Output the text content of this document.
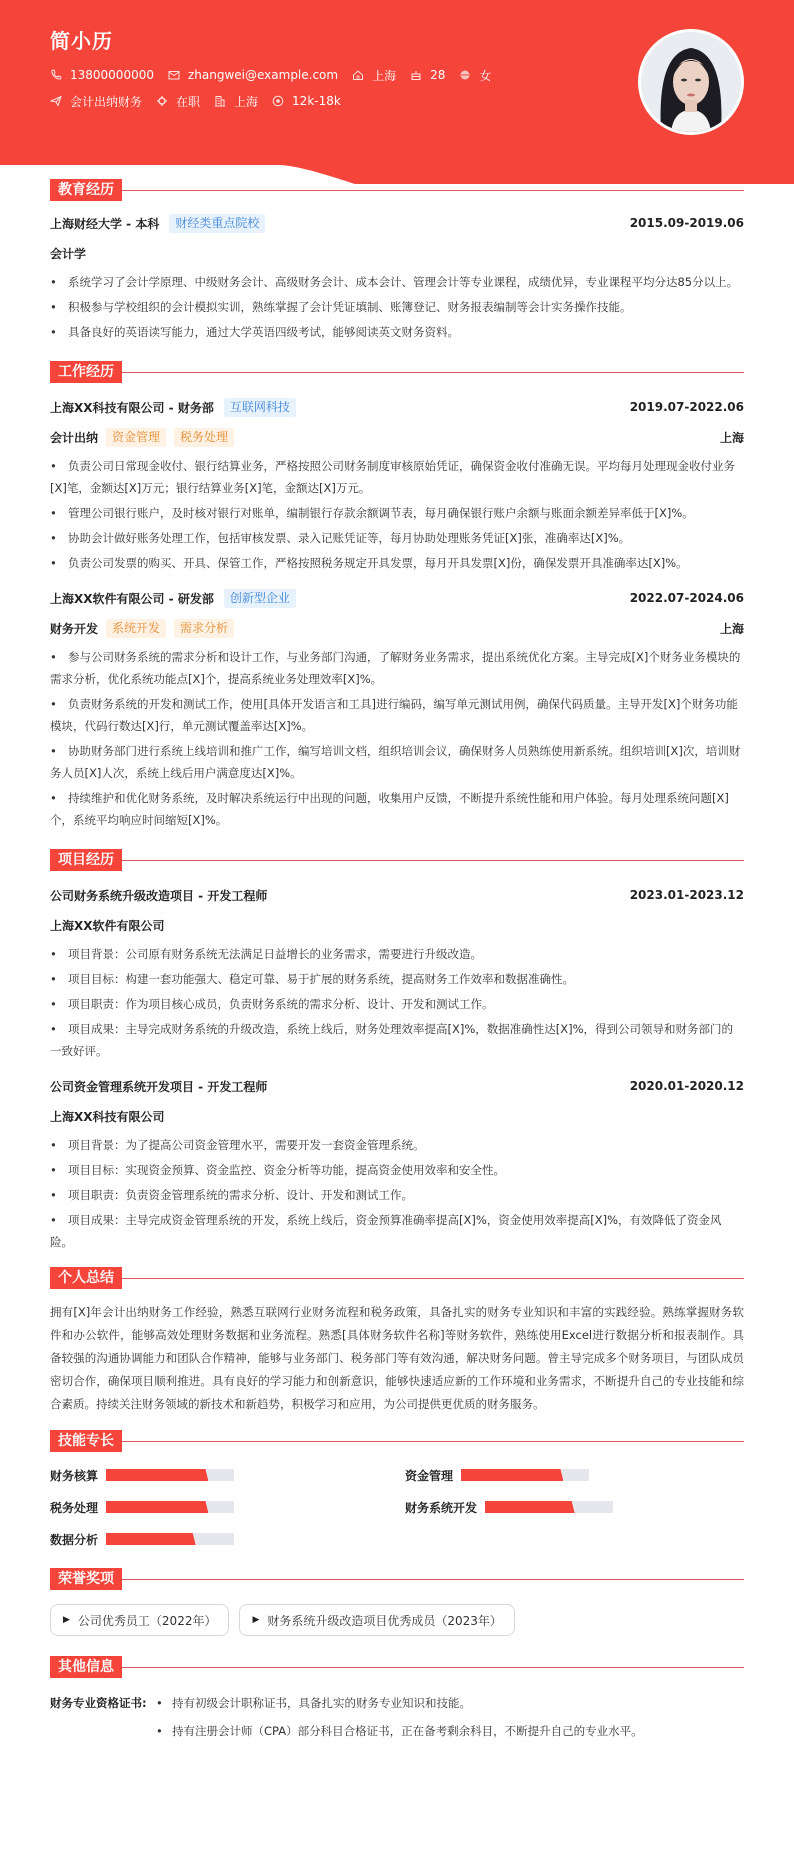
简小历
13800000000	zhangwei@example.com	上海	28	女
会计出纳财务	在职	上海	12k-18k
教育经历
上海财经大学 - 本科	财经类重点院校	2015.09-2019.06
会计学
• 系统学习了会计学原理、中级财务会计、高级财务会计、成本会计、管理会计等专业课程，成绩优异，专业课程平均分达85分以上。
• 积极参与学校组织的会计模拟实训，熟练掌握了会计凭证填制、账簿登记、财务报表编制等会计实务操作技能。
• 具备良好的英语读写能力，通过大学英语四级考试，能够阅读英文财务资料。
工作经历
上海XX科技有限公司 - 财务部	互联网科技	2019.07-2022.06
会计出纳	资金管理	税务处理	上海
• 负责公司日常现金收付、银行结算业务，严格按照公司财务制度审核原始凭证，确保资金收付准确无误。平均每月处理现金收付业务[X]笔，金额达[X]万元；银行结算业务[X]笔，金额达[X]万元。
• 管理公司银行账户，及时核对银行对账单，编制银行存款余额调节表，每月确保银行账户余额与账面余额差异率低于[X]%。
• 协助会计做好账务处理工作，包括审核发票、录入记账凭证等，每月协助处理账务凭证[X]张，准确率达[X]%。
• 负责公司发票的购买、开具、保管工作，严格按照税务规定开具发票，每月开具发票[X]份，确保发票开具准确率达[X]%。
上海XX软件有限公司 - 研发部	创新型企业	2022.07-2024.06
财务开发	系统开发	需求分析	上海
• 参与公司财务系统的需求分析和设计工作，与业务部门沟通，了解财务业务需求，提出系统优化方案。主导完成[X]个财务业务模块的需求分析，优化系统功能点[X]个，提高系统业务处理效率[X]%。
• 负责财务系统的开发和测试工作，使用[具体开发语言和工具]进行编码，编写单元测试用例，确保代码质量。主导开发[X]个财务功能模块，代码行数达[X]行，单元测试覆盖率达[X]%。
• 协助财务部门进行系统上线培训和推广工作，编写培训文档，组织培训会议，确保财务人员熟练使用新系统。组织培训[X]次，培训财务人员[X]人次，系统上线后用户满意度达[X]%。
• 持续维护和优化财务系统，及时解决系统运行中出现的问题，收集用户反馈，不断提升系统性能和用户体验。每月处理系统问题[X]个，系统平均响应时间缩短[X]%。
项目经历
公司财务系统升级改造项目 - 开发工程师	2023.01-2023.12
上海XX软件有限公司
• 项目背景：公司原有财务系统无法满足日益增长的业务需求，需要进行升级改造。
• 项目目标：构建一套功能强大、稳定可靠、易于扩展的财务系统，提高财务工作效率和数据准确性。
• 项目职责：作为项目核心成员，负责财务系统的需求分析、设计、开发和测试工作。
• 项目成果：主导完成财务系统的升级改造，系统上线后，财务处理效率提高[X]%，数据准确性达[X]%，得到公司领导和财务部门的一致好评。
公司资金管理系统开发项目 - 开发工程师	2020.01-2020.12
上海XX科技有限公司
• 项目背景：为了提高公司资金管理水平，需要开发一套资金管理系统。
• 项目目标：实现资金预算、资金监控、资金分析等功能，提高资金使用效率和安全性。
• 项目职责：负责资金管理系统的需求分析、设计、开发和测试工作。
• 项目成果：主导完成资金管理系统的开发，系统上线后，资金预算准确率提高[X]%，资金使用效率提高[X]%，有效降低了资金风险。
个人总结
拥有[X]年会计出纳财务工作经验，熟悉互联网行业财务流程和税务政策，具备扎实的财务专业知识和丰富的实践经验。熟练掌握财务软件和办公软件，能够高效处理财务数据和业务流程。熟悉[具体财务软件名称]等财务软件，熟练使用Excel进行数据分析和报表制作。具备较强的沟通协调能力和团队合作精神，能够与业务部门、税务部门等有效沟通，解决财务问题。曾主导完成多个财务项目，与团队成员密切合作，确保项目顺利推进。具有良好的学习能力和创新意识，能够快速适应新的工作环境和业务需求，不断提升自己的专业技能和综合素质。持续关注财务领域的新技术和新趋势，积极学习和应用，为公司提供更优质的财务服务。
技能专长
财务核算	资金管理
税务处理	财务系统开发
数据分析
荣誉奖项
▶ 公司优秀员工（2022年）	▶ 财务系统升级改造项目优秀成员（2023年）
其他信息
财务专业资格证书: • 持有初级会计职称证书，具备扎实的财务专业知识和技能。
• 持有注册会计师（CPA）部分科目合格证书，正在备考剩余科目，不断提升自己的专业水平。
